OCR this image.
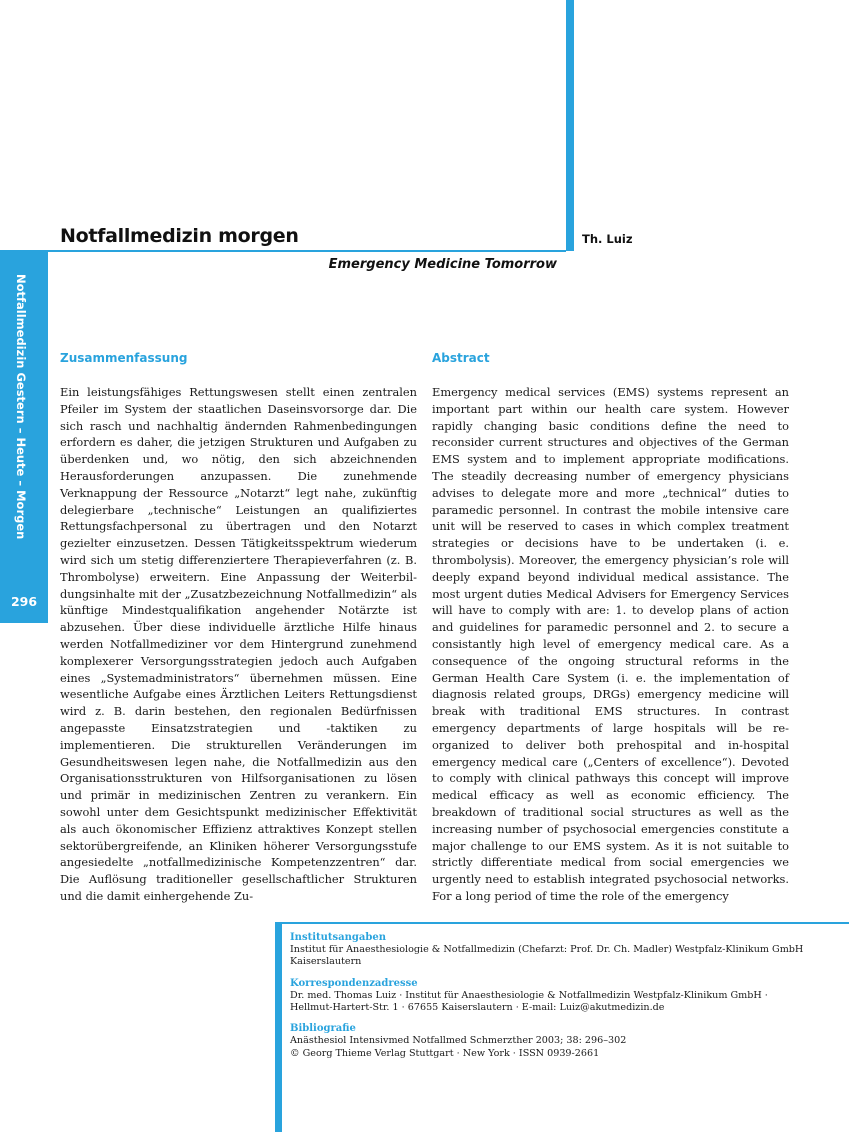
Notfallmedizin morgen	Th. Luiz
Emergency Medicine Tomorrow
Notfallmedizin Gestern – Heute – Morgen
296
Zusammenfassung

Ein leistungsfähiges Rettungswesen stellt einen zentralen Pfeiler im System der staatlichen Daseinsvorsorge dar. Die sich rasch und nachhaltig ändernden Rahmenbedingungen erfordern es daher, die jetzigen Strukturen und Aufgaben zu überdenken und, wo nötig, den sich abzeichnenden Herausforderungen anzupassen. Die zunehmende Verknappung der Ressource „Notarzt“ legt nahe, zukünftig delegierbare „technische“ Leistungen an qualifiziertes Rettungsfachpersonal zu übertragen und den Notarzt gezielter einzusetzen. Dessen Tätigkeitsspektrum wiederum wird sich um stetig differenziertere Therapieverfahren (z. B. Thrombolyse) erweitern. Eine Anpassung der Weiterbildungsinhalte mit der „Zusatzbezeichnung Notfallmedizin“ als künftige Mindestqualifikation angehender Notärzte ist abzusehen. Über diese individuelle ärztliche Hilfe hinaus werden Notfallmediziner vor dem Hintergrund zunehmend komplexerer Versorgungsstrategien jedoch auch Aufgaben eines „Systemadministrators“ übernehmen müssen. Eine wesentliche Aufgabe eines Ärztlichen Leiters Rettungsdienst wird z. B. darin bestehen, den regionalen Bedürfnissen angepasste Einsatzstrategien und -taktiken zu implementieren. Die strukturellen Veränderungen im Gesundheitswesen legen nahe, die Notfallmedizin aus den Organisationsstrukturen von Hilfsorganisationen zu lösen und primär in medizinischen Zentren zu verankern. Ein sowohl unter dem Gesichtspunkt medizinischer Effektivität als auch ökonomischer Effizienz attraktives Konzept stellen sektorübergreifende, an Kliniken höherer Versorgungsstufe angesiedelte „notfallmedizinische Kompetenzzentren“ dar. Die Auflösung traditioneller gesellschaftlicher Strukturen und die damit einhergehende Zu-

Abstract

Emergency medical services (EMS) systems represent an important part within our health care system. However rapidly changing basic conditions define the need to reconsider current structures and objectives of the German EMS system and to implement appropriate modifications. The steadily decreasing number of emergency physicians advises to delegate more and more „technical“ duties to paramedic personnel. In contrast the mobile intensive care unit will be reserved to cases in which complex treatment strategies or decisions have to be undertaken (i. e. thrombolysis). Moreover, the emergency physician’s role will deeply expand beyond individual medical assistance. The most urgent duties Medical Advisers for Emergency Services will have to comply with are: 1. to develop plans of action and guidelines for paramedic personnel and 2. to secure a consistantly high level of emergency medical care. As a consequence of the ongoing structural reforms in the German Health Care System (i. e. the implementation of diagnosis related groups, DRGs) emergency medicine will break with traditional EMS structures. In contrast emergency departments of large hospitals will be reorganized to deliver both prehospital and in-hospital emergency medical care („Centers of excellence“). Devoted to comply with clinical pathways this concept will improve medical efficacy as well as economic efficiency. The breakdown of traditional social structures as well as the increasing number of psychosocial emergencies constitute a major challenge to our EMS system. As it is not suitable to strictly differentiate medical from social emergencies we urgently need to establish integrated psychosocial networks. For a long period of time the role of the emergency

Institutsangaben
Institut für Anaesthesiologie & Notfallmedizin (Chefarzt: Prof. Dr. Ch. Madler) Westpfalz-Klinikum GmbH
Kaiserslautern
Korrespondenzadresse
Dr. med. Thomas Luiz · Institut für Anaesthesiologie & Notfallmedizin Westpfalz-Klinikum GmbH ·
Hellmut-Hartert-Str. 1 · 67655 Kaiserslautern · E-mail: Luiz@akutmedizin.de
Bibliografie
Anästhesiol Intensivmed Notfallmed Schmerzther 2003; 38: 296–302
© Georg Thieme Verlag Stuttgart · New York · ISSN 0939-2661
